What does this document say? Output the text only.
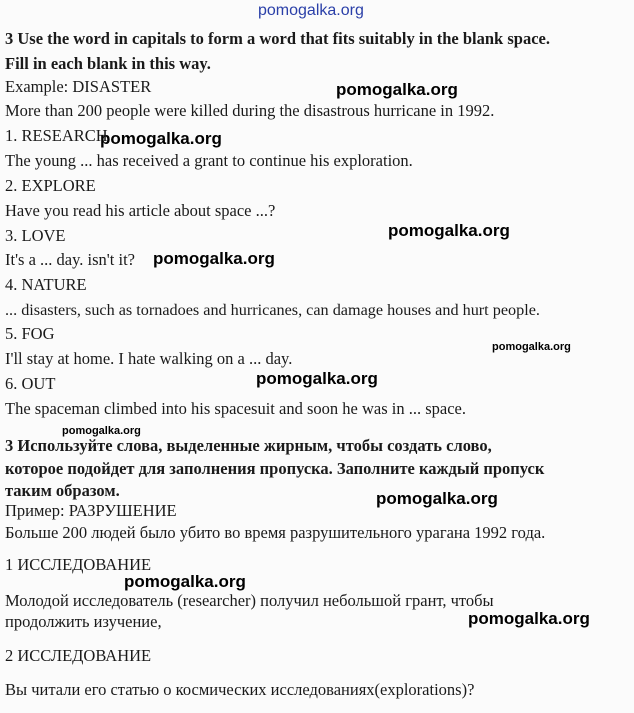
pomogalka.org
pomogalka.org
pomogalka.org
pomogalka.org
pomogalka.org
pomogalka.org
pomogalka.org
pomogalka.org
pomogalka.org
pomogalka.org
pomogalka.org
3 Use the word in capitals to form a word that fits suitably in the blank space.
Fill in each blank in this way.
Example: DISASTER
More than 200 people were killed during the disastrous hurricane in 1992.
1. RESEARCH
The young ... has received a grant to continue his exploration.
2. EXPLORE
Have you read his article about space ...?
3. LOVE
It's a ... day. isn't it?
4. NATURE
... disasters, such as tornadoes and hurricanes, can damage houses and hurt people.
5. FOG
I'll stay at home. I hate walking on a ... day.
6. OUT
The spaceman climbed into his spacesuit and soon he was in ... space.
3 Используйте слова, выделенные жирным, чтобы создать слово,
которое подойдет для заполнения пропуска. Заполните каждый пропуск
таким образом.
Пример: РАЗРУШЕНИЕ
Больше 200 людей было убито во время разрушительного урагана 1992 года.
1 ИССЛЕДОВАНИЕ
Молодой исследователь (researcher) получил небольшой грант, чтобы
продолжить изучение,
2 ИССЛЕДОВАНИЕ
Вы читали его статью о космических исследованиях(explorations)?
